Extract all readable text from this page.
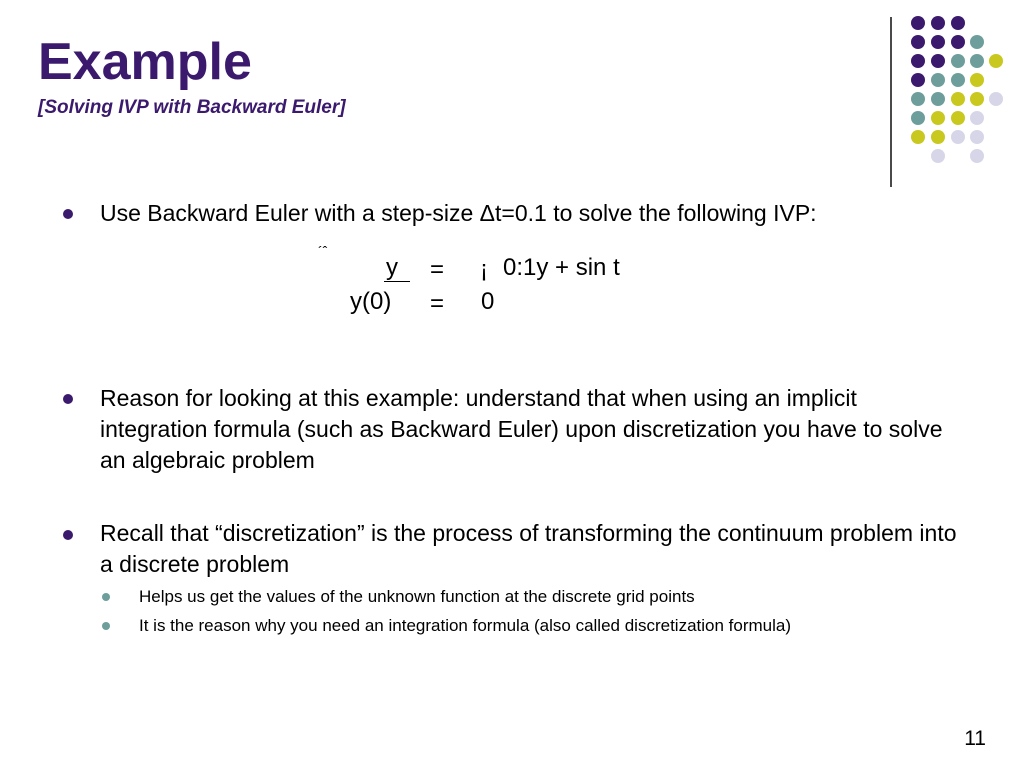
Example
[Solving IVP with Backward Euler]
Use Backward Euler with a step-size Δt=0.1 to solve the following IVP:
´ˆ
y = ¡ 0:1y + sin t
y(0) = 0
Reason for looking at this example: understand that when using an implicit integration formula (such as Backward Euler) upon discretization you have to solve an algebraic problem
Recall that “discretization” is the process of transforming the continuum problem into a discrete problem
Helps us get the values of the unknown function at the discrete grid points
It is the reason why you need an integration formula (also called discretization formula)
11
